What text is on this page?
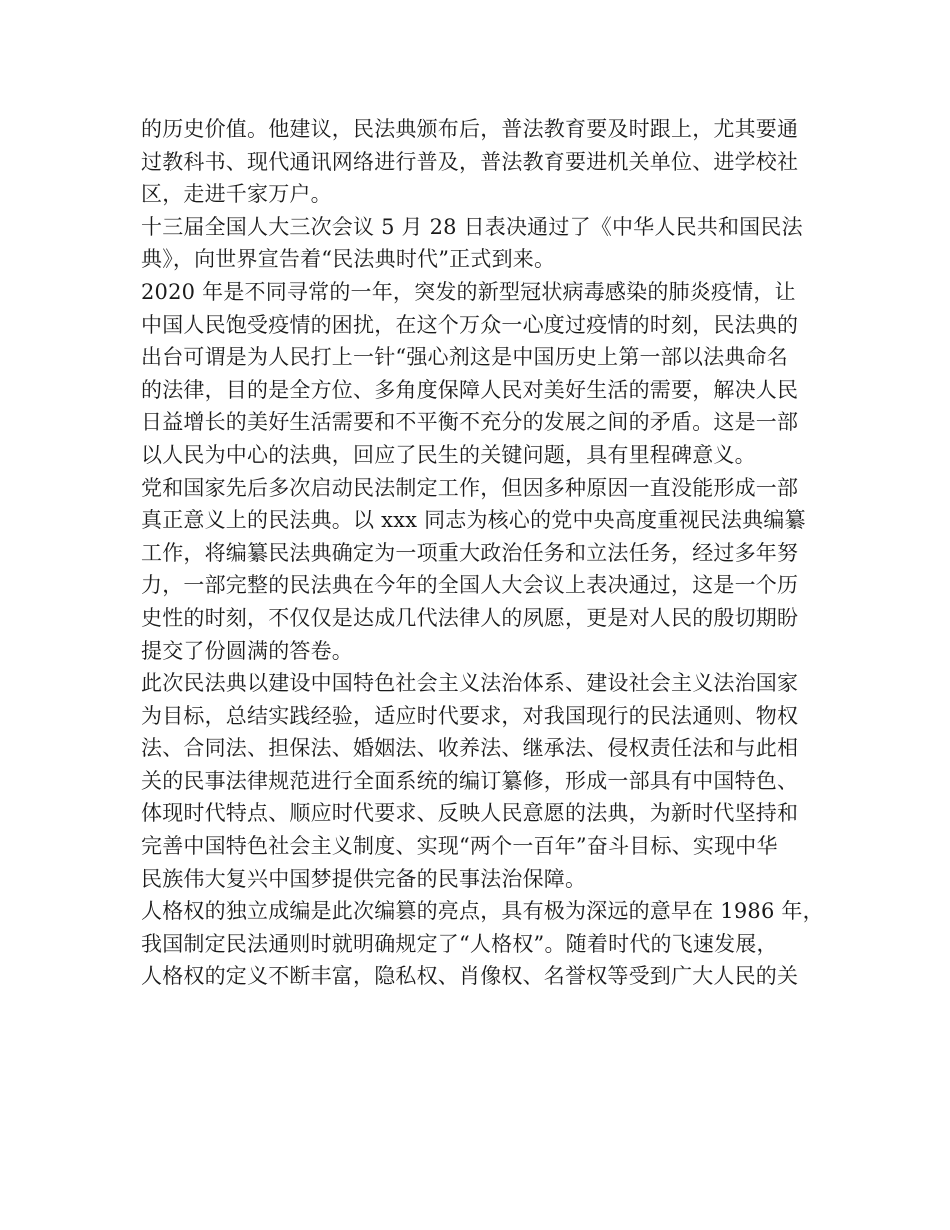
的历史价值。他建议，民法典颁布后，普法教育要及时跟上，尤其要通
过教科书、现代通讯网络进行普及，普法教育要进机关单位、进学校社
区，走进千家万户。
十三届全国人大三次会议 5 月 28 日表决通过了《中华人民共和国民法
典》，向世界宣告着“民法典时代”正式到来。
2020 年是不同寻常的一年，突发的新型冠状病毒感染的肺炎疫情，让
中国人民饱受疫情的困扰，在这个万众一心度过疫情的时刻，民法典的
出台可谓是为人民打上一针“强心剂这是中国历史上第一部以法典命名
的法律，目的是全方位、多角度保障人民对美好生活的需要，解决人民
日益增长的美好生活需要和不平衡不充分的发展之间的矛盾。这是一部
以人民为中心的法典，回应了民生的关键问题，具有里程碑意义。
党和国家先后多次启动民法制定工作，但因多种原因一直没能形成一部
真正意义上的民法典。以 xxx 同志为核心的党中央高度重视民法典编纂
工作，将编纂民法典确定为一项重大政治任务和立法任务，经过多年努
力，一部完整的民法典在今年的全国人大会议上表决通过，这是一个历
史性的时刻，不仅仅是达成几代法律人的夙愿，更是对人民的殷切期盼
提交了份圆满的答卷。
此次民法典以建设中国特色社会主义法治体系、建设社会主义法治国家
为目标，总结实践经验，适应时代要求，对我国现行的民法通则、物权
法、合同法、担保法、婚姻法、收养法、继承法、侵权责任法和与此相
关的民事法律规范进行全面系统的编订纂修，形成一部具有中国特色、
体现时代特点、顺应时代要求、反映人民意愿的法典，为新时代坚持和
完善中国特色社会主义制度、实现“两个一百年”奋斗目标、实现中华
民族伟大复兴中国梦提供完备的民事法治保障。
人格权的独立成编是此次编篡的亮点，具有极为深远的意早在 1986 年，
我国制定民法通则时就明确规定了“人格权”。随着时代的飞速发展，
人格权的定义不断丰富，隐私权、肖像权、名誉权等受到广大人民的关
